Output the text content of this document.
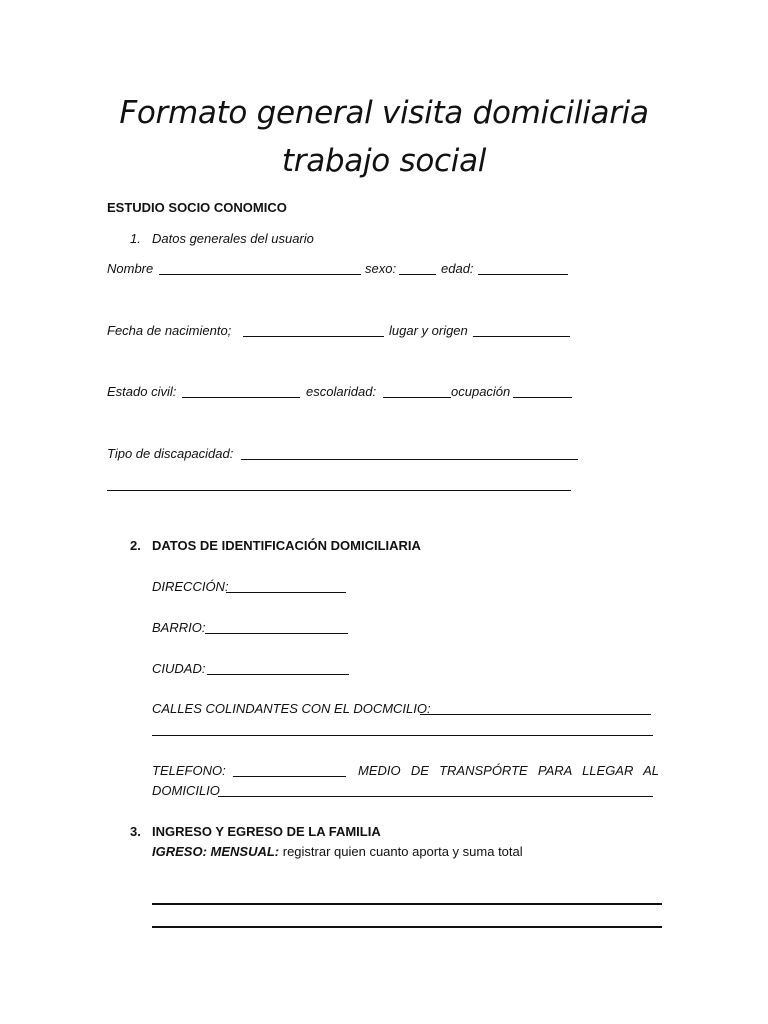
Formato general visita domiciliaria
trabajo social
ESTUDIO SOCIO CONOMICO
1. Datos generales del usuario
Nombre	sexo:	edad:
Fecha de nacimiento;	lugar y origen
Estado civil:	escolaridad:	ocupación
Tipo de discapacidad:
2. DATOS DE IDENTIFICACIÓN DOMICILIARIA
DIRECCIÓN:
BARRIO:
CIUDAD:
CALLES COLINDANTES CON EL DOCMCILIO:
TELEFONO:	MEDIO DE TRANSPÓRTE PARA LLEGAR AL
DOMICILIO
3. INGRESO Y EGRESO DE LA FAMILIA
IGRESO: MENSUAL: registrar quien cuanto aporta y suma total
